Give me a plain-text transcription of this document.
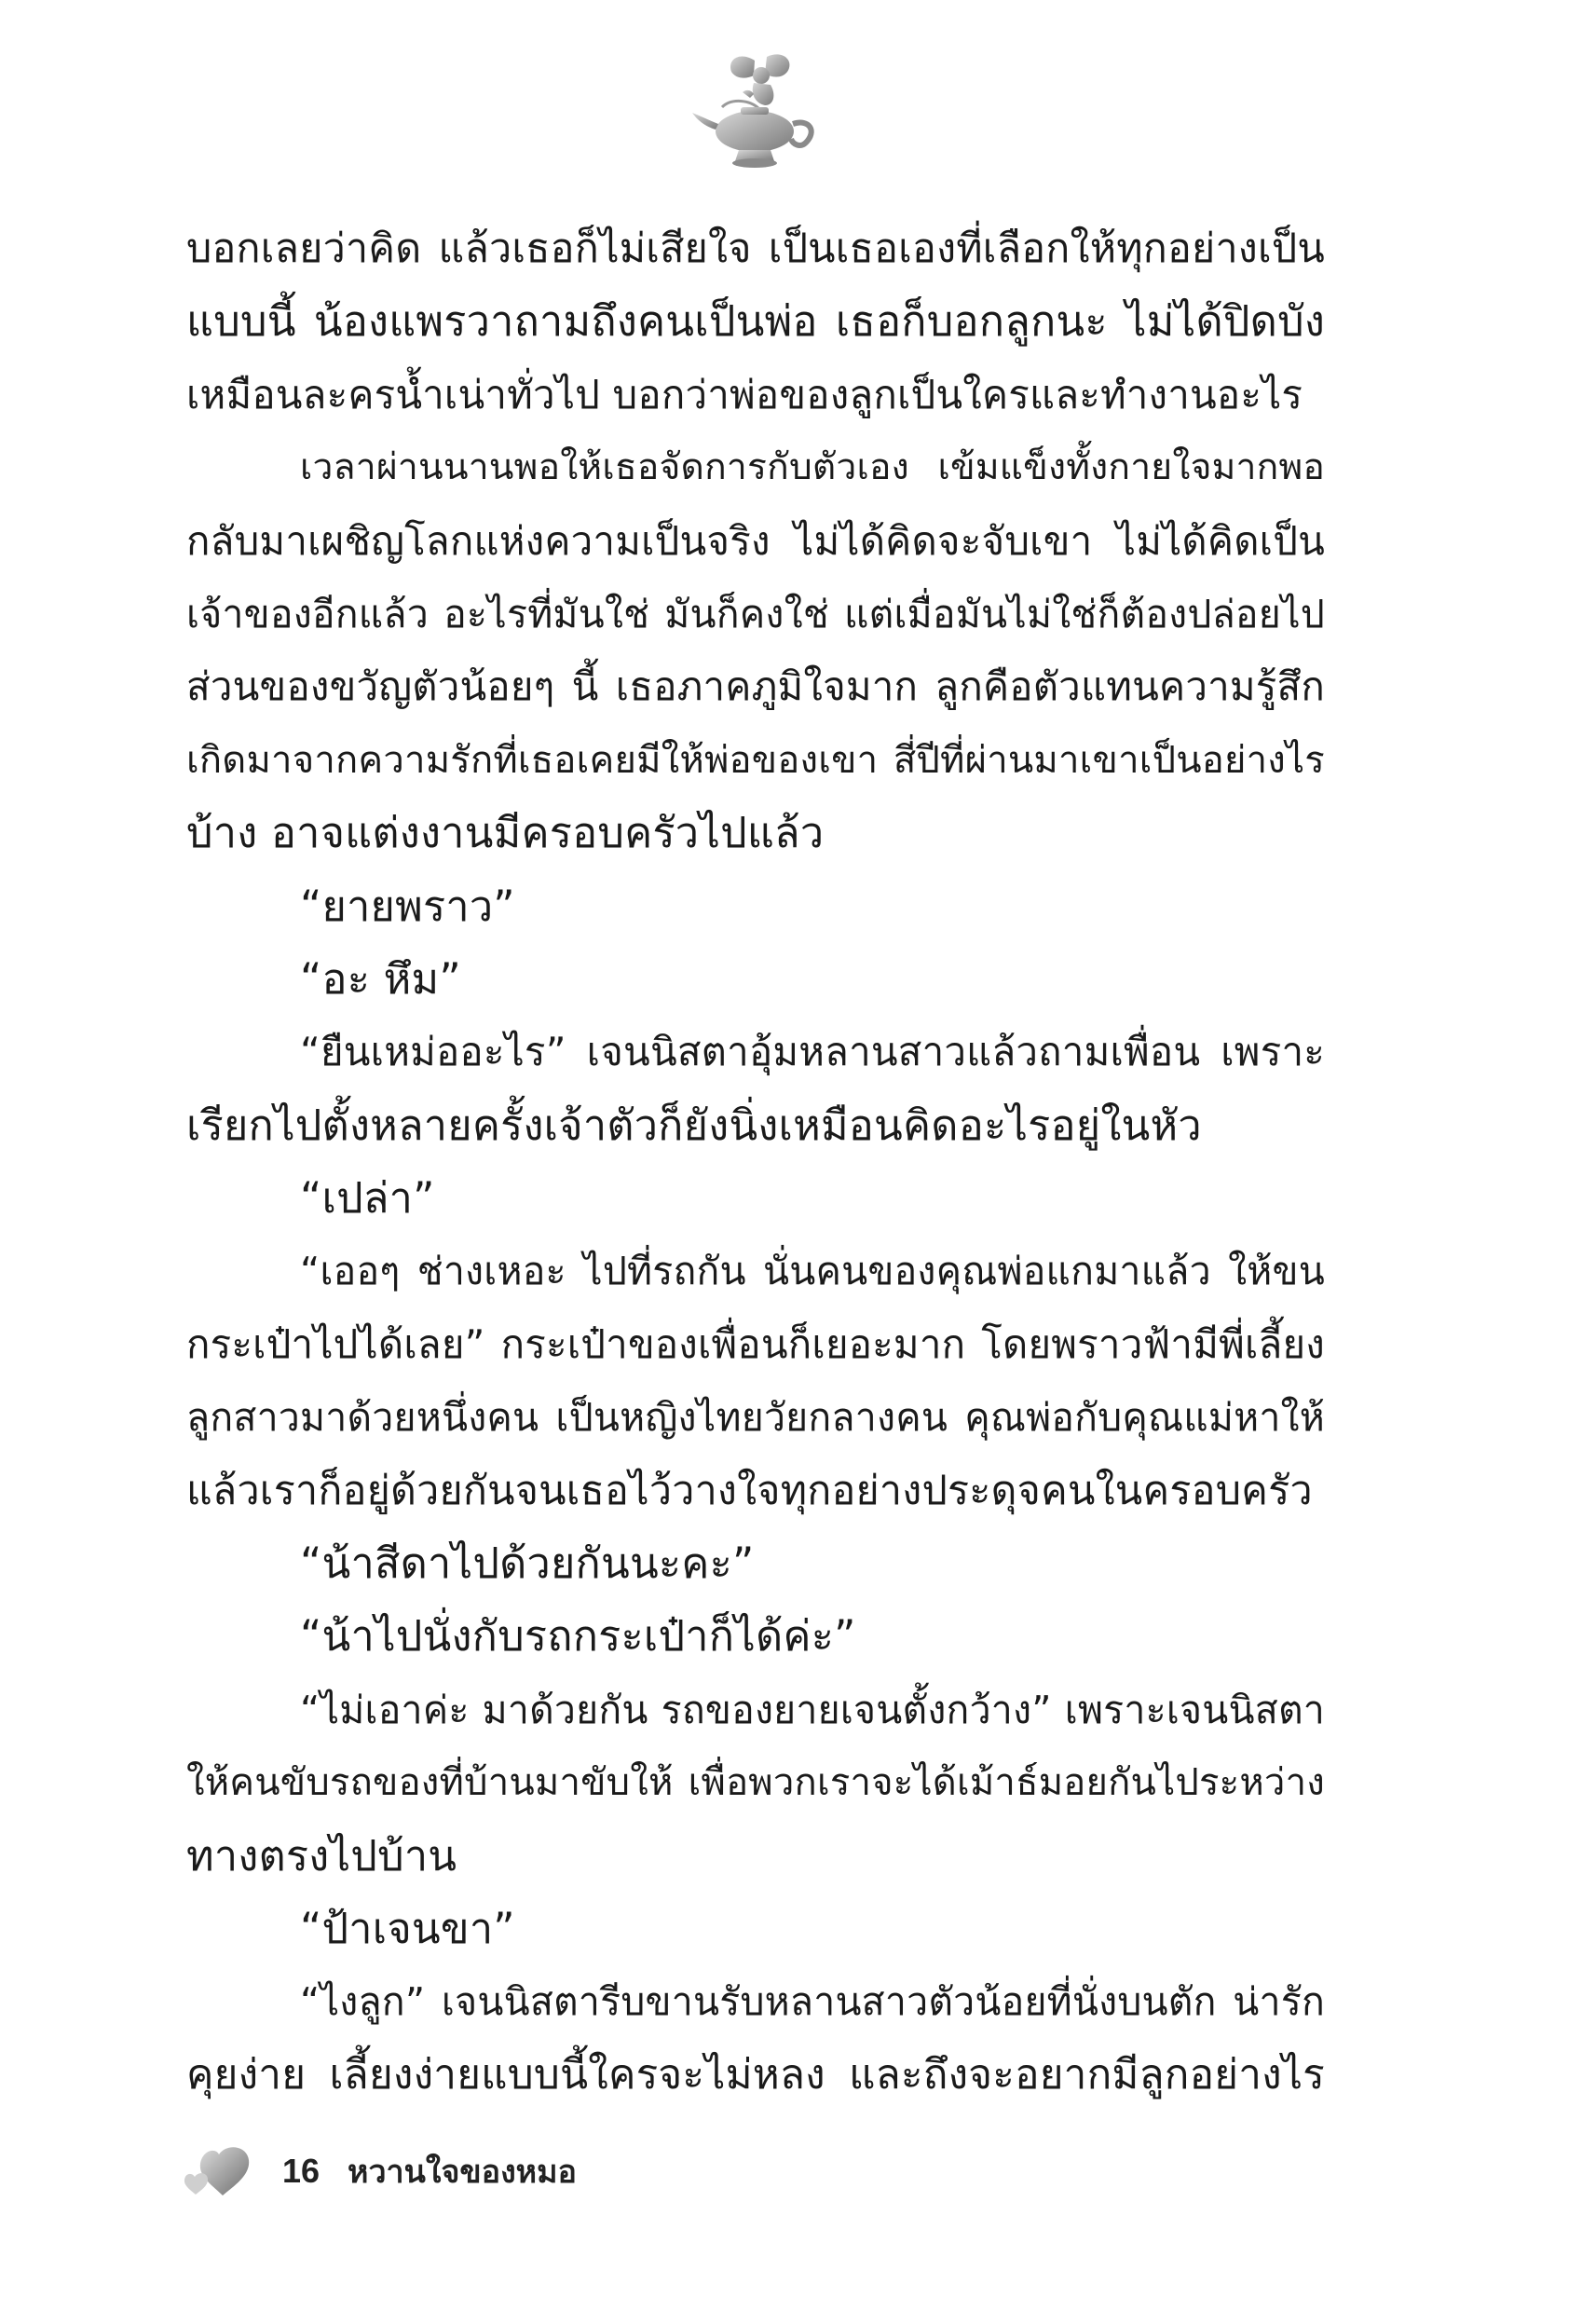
บอกเลยว่าคิด แล้วเธอก็ไม่เสียใจ เป็นเธอเองที่เลือกให้ทุกอย่างเป็น
แบบนี้ น้องแพรวาถามถึงคนเป็นพ่อ เธอก็บอกลูกนะ ไม่ได้ปิดบัง
เหมือนละครน้ำเน่าทั่วไป บอกว่าพ่อของลูกเป็นใครและทำงานอะไร
เวลาผ่านนานพอให้เธอจัดการกับตัวเอง เข้มแข็งทั้งกายใจมากพอ
กลับมาเผชิญโลกแห่งความเป็นจริง ไม่ได้คิดจะจับเขา ไม่ได้คิดเป็น
เจ้าของอีกแล้ว อะไรที่มันใช่ มันก็คงใช่ แต่เมื่อมันไม่ใช่ก็ต้องปล่อยไป
ส่วนของขวัญตัวน้อยๆ นี้ เธอภาคภูมิใจมาก ลูกคือตัวแทนความรู้สึก
เกิดมาจากความรักที่เธอเคยมีให้พ่อของเขา สี่ปีที่ผ่านมาเขาเป็นอย่างไร
บ้าง อาจแต่งงานมีครอบครัวไปแล้ว
“ยายพราว”
“อะ หึม”
“ยืนเหม่ออะไร” เจนนิสตาอุ้มหลานสาวแล้วถามเพื่อน เพราะ
เรียกไปตั้งหลายครั้งเจ้าตัวก็ยังนิ่งเหมือนคิดอะไรอยู่ในหัว
“เปล่า”
“เออๆ ช่างเหอะ ไปที่รถกัน นั่นคนของคุณพ่อแกมาแล้ว ให้ขน
กระเป๋าไปได้เลย” กระเป๋าของเพื่อนก็เยอะมาก โดยพราวฟ้ามีพี่เลี้ยง
ลูกสาวมาด้วยหนึ่งคน เป็นหญิงไทยวัยกลางคน คุณพ่อกับคุณแม่หาให้
แล้วเราก็อยู่ด้วยกันจนเธอไว้วางใจทุกอย่างประดุจคนในครอบครัว
“น้าสีดาไปด้วยกันนะคะ”
“น้าไปนั่งกับรถกระเป๋าก็ได้ค่ะ”
“ไม่เอาค่ะ มาด้วยกัน รถของยายเจนตั้งกว้าง” เพราะเจนนิสตา
ให้คนขับรถของที่บ้านมาขับให้ เพื่อพวกเราจะได้เม้าธ์มอยกันไประหว่าง
ทางตรงไปบ้าน
“ป้าเจนขา”
“ไงลูก” เจนนิสตารีบขานรับหลานสาวตัวน้อยที่นั่งบนตัก น่ารัก
คุยง่าย เลี้ยงง่ายแบบนี้ใครจะไม่หลง และถึงจะอยากมีลูกอย่างไร
16 หวานใจของหมอ
